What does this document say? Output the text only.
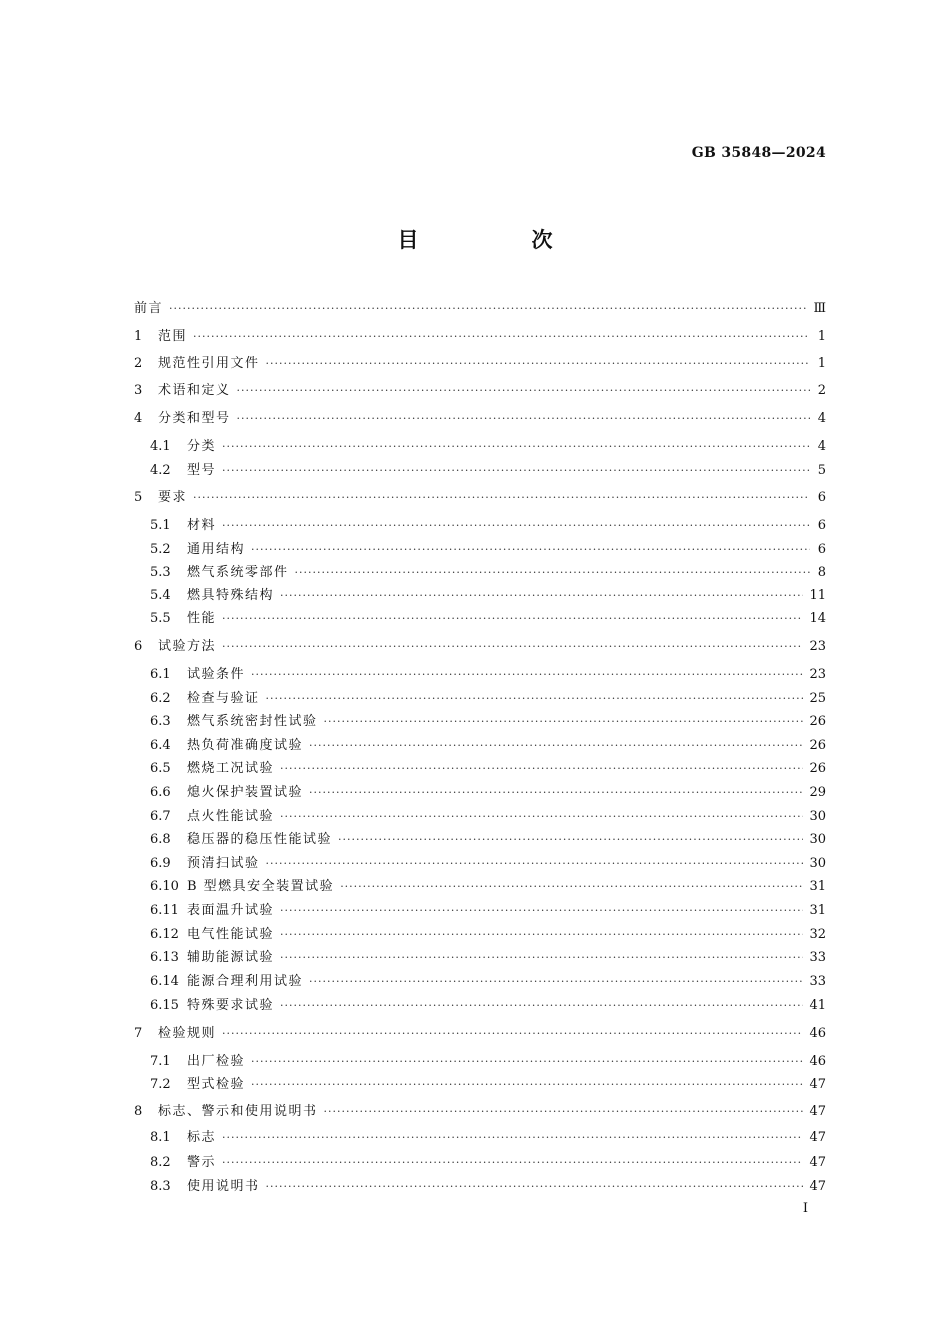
GB 35848—2024
目　次
前言 ·····	Ⅲ
1	范围 ·····	1
2	规范性引用文件 ·····	1
3	术语和定义 ·····	2
4	分类和型号 ·····	4
4.1	分类 ·····	4
4.2	型号 ·····	5
5	要求 ·····	6
5.1	材料 ·····	6
5.2	通用结构 ·····	6
5.3	燃气系统零部件 ·····	8
5.4	燃具特殊结构 ·····	11
5.5	性能 ·····	14
6	试验方法 ·····	23
6.1	试验条件 ·····	23
6.2	检查与验证 ·····	25
6.3	燃气系统密封性试验 ·····	26
6.4	热负荷准确度试验 ·····	26
6.5	燃烧工况试验 ·····	26
6.6	熄火保护装置试验 ·····	29
6.7	点火性能试验 ·····	30
6.8	稳压器的稳压性能试验 ·····	30
6.9	预清扫试验 ·····	30
6.10 B 型燃具安全装置试验 ·····	31
6.11 表面温升试验 ·····	31
6.12 电气性能试验 ·····	32
6.13 辅助能源试验 ·····	33
6.14 能源合理利用试验 ·····	33
6.15 特殊要求试验 ·····	41
7	检验规则 ·····	46
7.1	出厂检验 ·····	46
7.2	型式检验 ·····	47
8	标志、警示和使用说明书 ·····	47
8.1	标志 ·····	47
8.2	警示 ·····	47
8.3	使用说明书 ·····	47
I
